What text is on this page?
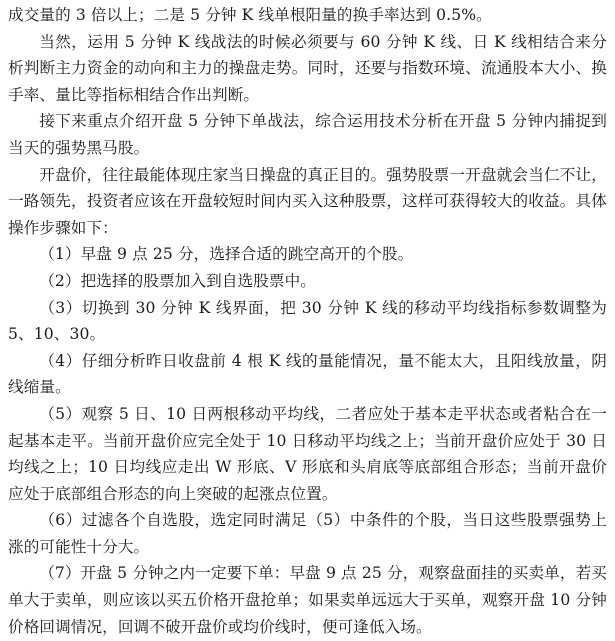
成交量的 3 倍以上；二是 5 分钟 K 线单根阳量的换手率达到 0.5%。

当然，运用 5 分钟 K 线战法的时候必须要与 60 分钟 K 线、日 K 线相结合来分析判断主力资金的动向和主力的操盘走势。同时，还要与指数环境、流通股本大小、换手率、量比等指标相结合作出判断。

接下来重点介绍开盘 5 分钟下单战法，综合运用技术分析在开盘 5 分钟内捕捉到当天的强势黑马股。

开盘价，往往最能体现庄家当日操盘的真正目的。强势股票一开盘就会当仁不让，一路领先，投资者应该在开盘较短时间内买入这种股票，这样可获得较大的收益。具体操作步骤如下：

（1）早盘 9 点 25 分，选择合适的跳空高开的个股。

（2）把选择的股票加入到自选股票中。

（3）切换到 30 分钟 K 线界面，把 30 分钟 K 线的移动平均线指标参数调整为 5、10、30。

（4）仔细分析昨日收盘前 4 根 K 线的量能情况，量不能太大，且阳线放量，阴线缩量。

（5）观察 5 日、10 日两根移动平均线，二者应处于基本走平状态或者粘合在一起基本走平。当前开盘价应完全处于 10 日移动平均线之上；当前开盘价应处于 30 日均线之上；10 日均线应走出 W 形底、V 形底和头肩底等底部组合形态；当前开盘价应处于底部组合形态的向上突破的起涨点位置。

（6）过滤各个自选股，选定同时满足（5）中条件的个股，当日这些股票强势上涨的可能性十分大。

（7）开盘 5 分钟之内一定要下单：早盘 9 点 25 分，观察盘面挂的买卖单，若买单大于卖单，则应该以买五价格开盘抢单；如果卖单远远大于买单，观察开盘 10 分钟价格回调情况，回调不破开盘价或均价线时，便可逢低入场。
